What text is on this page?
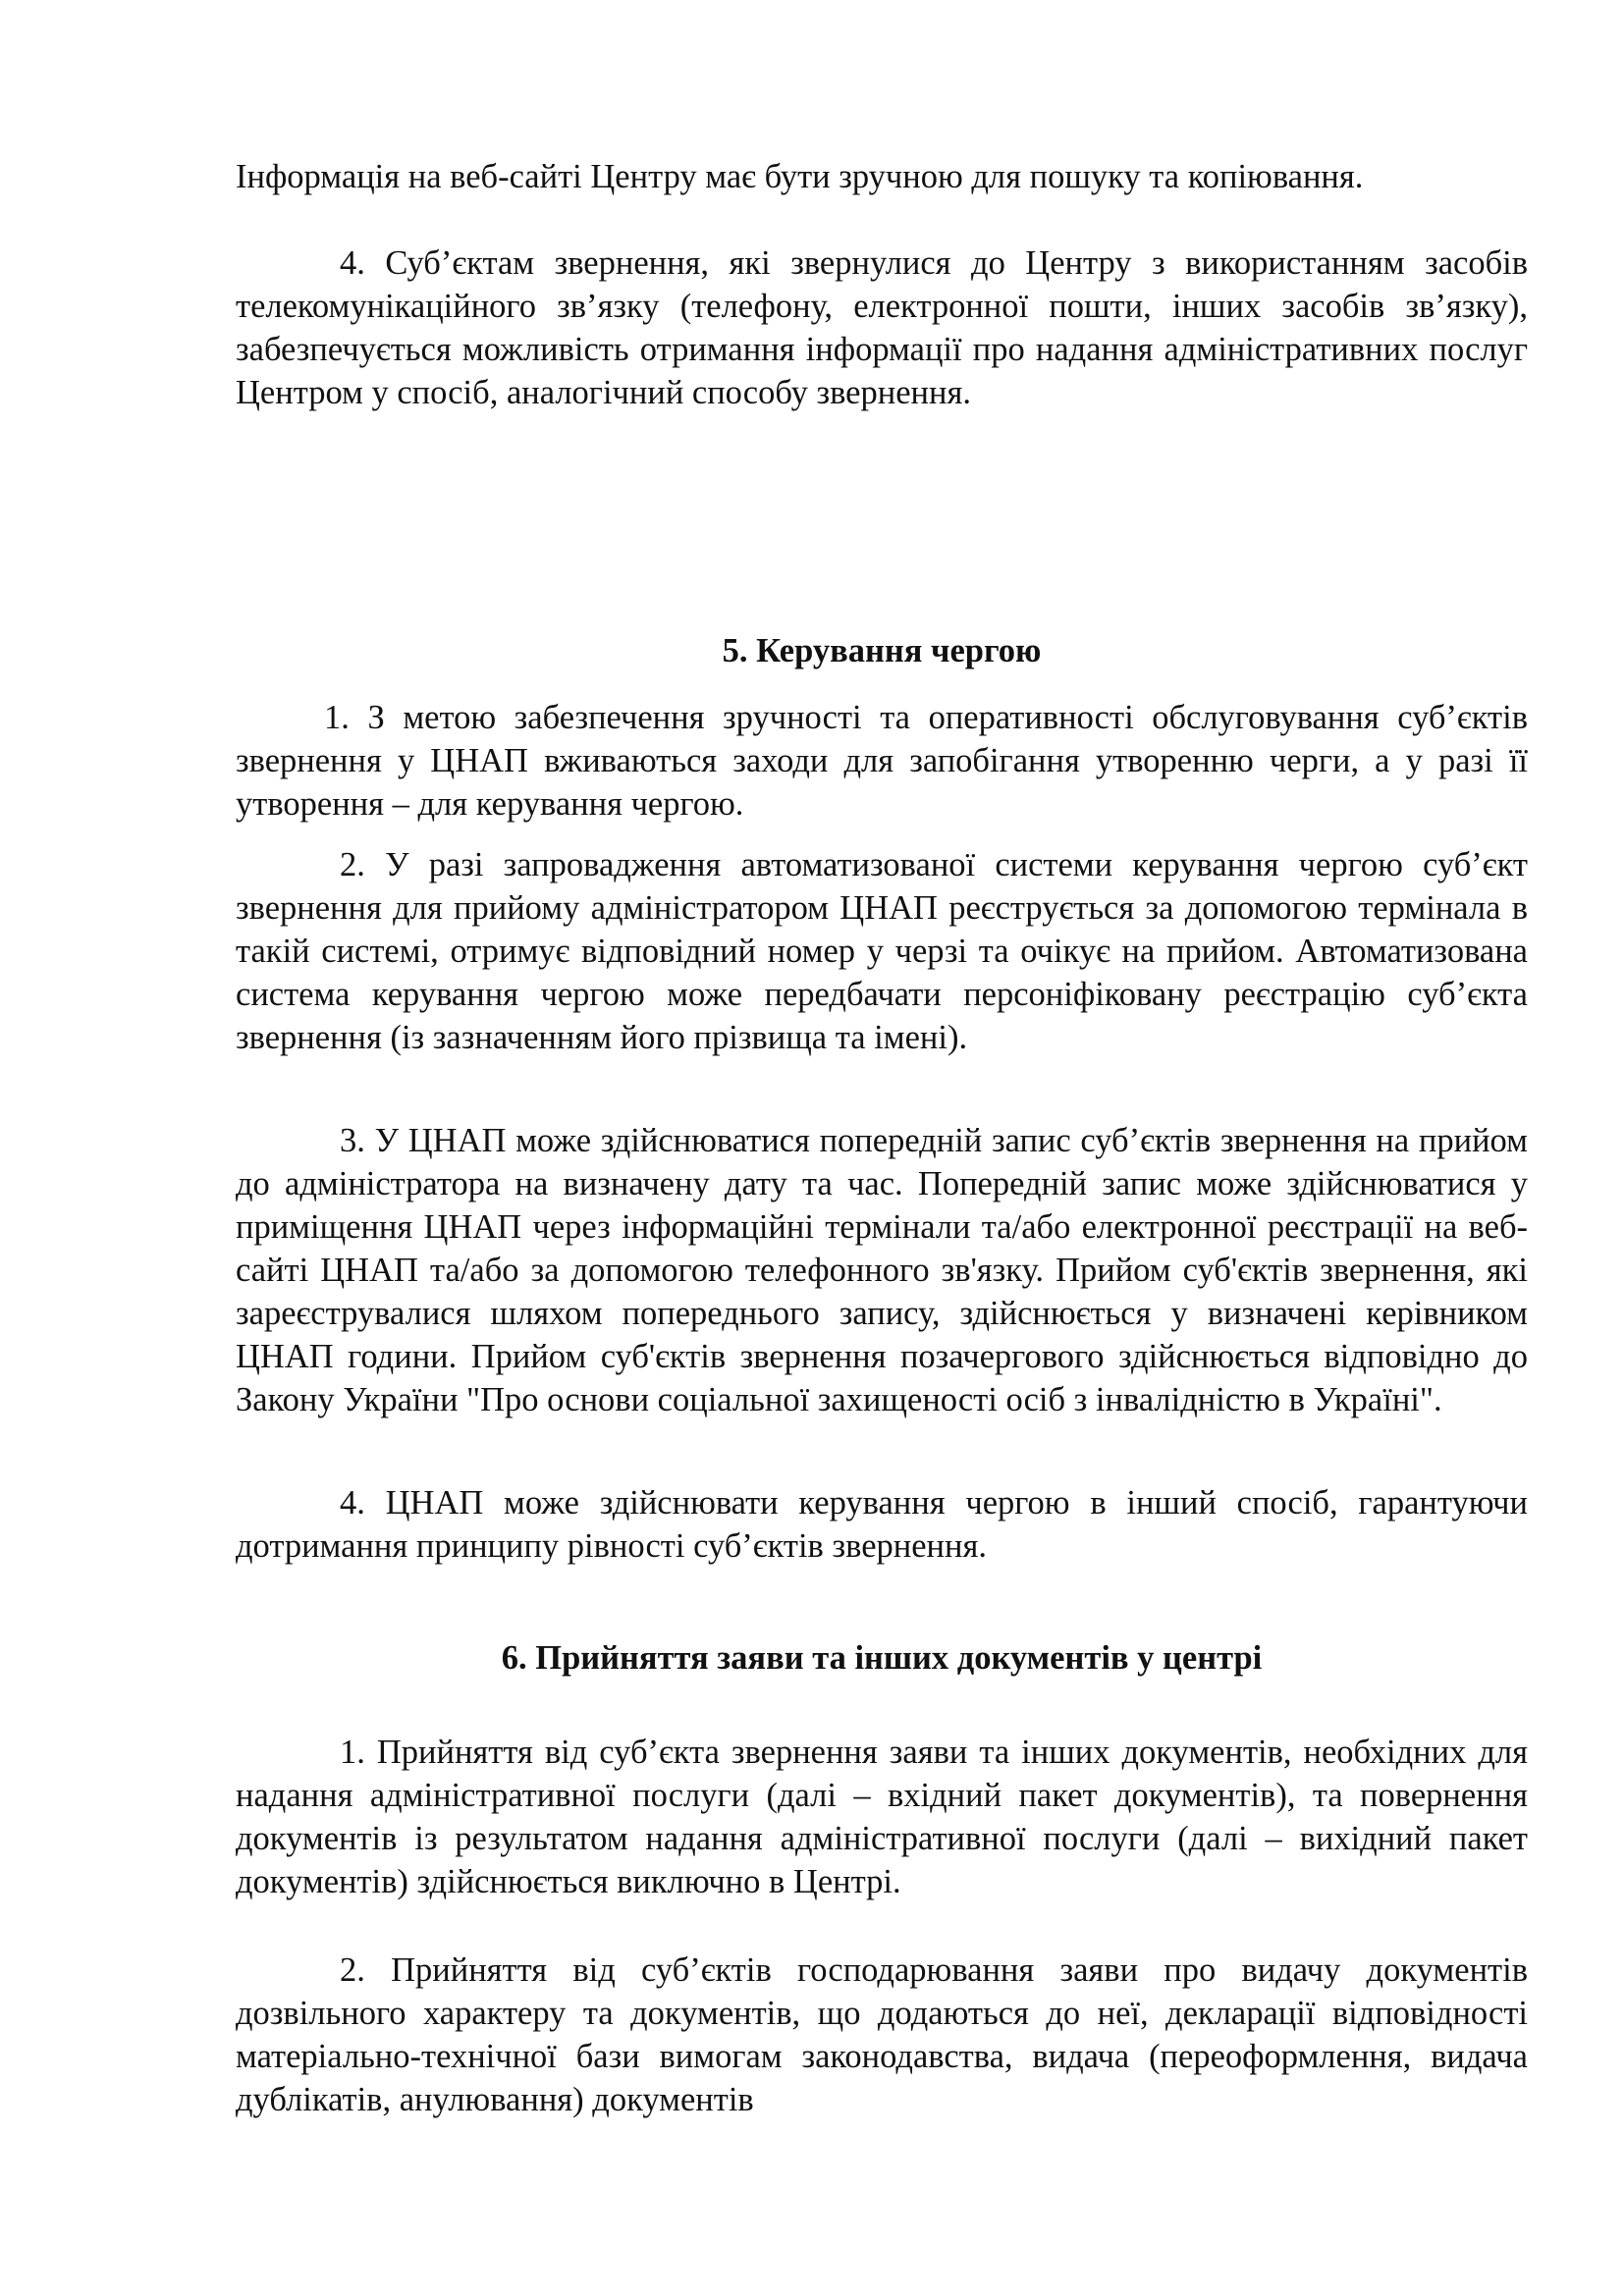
Інформація на веб-сайті Центру має бути зручною для пошуку та копіювання.

4. Суб’єктам звернення, які звернулися до Центру з використанням засобів телекомунікаційного зв’язку (телефону, електронної пошти, інших засобів зв’язку), забезпечується можливість отримання інформації про надання адміністративних послуг Центром у спосіб, аналогічний способу звернення.

5. Керування чергою

1. З метою забезпечення зручності та оперативності обслуговування суб’єктів звернення у ЦНАП вживаються заходи для запобігання утворенню черги, а у разі її утворення – для керування чергою.

2. У разі запровадження автоматизованої системи керування чергою суб’єкт звернення для прийому адміністратором ЦНАП реєструється за допомогою термінала в такій системі, отримує відповідний номер у черзі та очікує на прийом. Автоматизована система керування чергою може передбачати персоніфіковану реєстрацію суб’єкта звернення (із зазначенням його прізвища та імені).

3. У ЦНАП може здійснюватися попередній запис суб’єктів звернення на прийом до адміністратора на визначену дату та час. Попередній запис може здійснюватися у приміщення ЦНАП через інформаційні термінали та/або електронної реєстрації на веб-сайті ЦНАП та/або за допомогою телефонного зв'язку. Прийом суб'єктів звернення, які зареєструвалися шляхом попереднього запису, здійснюється у визначені керівником ЦНАП години. Прийом суб'єктів звернення позачергового здійснюється відповідно до Закону України "Про основи соціальної захищеності осіб з інвалідністю в Україні".

4. ЦНАП може здійснювати керування чергою в інший спосіб, гарантуючи дотримання принципу рівності суб’єктів звернення.

6. Прийняття заяви та інших документів у центрі

1. Прийняття від суб’єкта звернення заяви та інших документів, необхідних для надання адміністративної послуги (далі – вхідний пакет документів), та повернення документів із результатом надання адміністративної послуги (далі – вихідний пакет документів) здійснюється виключно в Центрі.

2. Прийняття від суб’єктів господарювання заяви про видачу документів дозвільного характеру та документів, що додаються до неї, декларації відповідності матеріально-технічної бази вимогам законодавства, видача (переоформлення, видача дублікатів, анулювання) документів
